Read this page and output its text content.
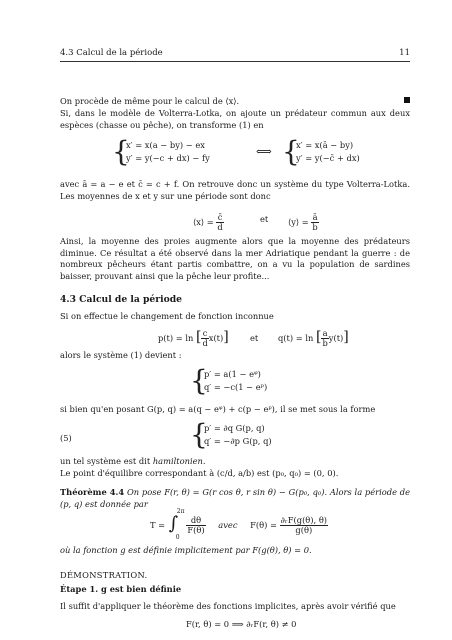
4.3 Calcul de la période	11
On procède de même pour le calcul de ⟨x⟩.
Si, dans le modèle de Volterra-Lotka, on ajoute un prédateur commun aux deux espèces (chasse ou pêche), on transforme (1) en
{
x′ = x(a − by) − ex
y′ = y(−c + dx) − fy	⟺ {
x′ = x(ā − by)
y′ = y(−c̄ + dx)
avec ā = a − e et c̄ = c + f. On retrouve donc un système du type Volterra-Lotka. Les moyennes de x et y sur une période sont donc
⟨x⟩ = $\frac{c̄}{d}$	et ⟨y⟩ = $\frac{ā}{b}$
Ainsi, la moyenne des proies augmente alors que la moyenne des prédateurs diminue. Ce résultat a été observé dans la mer Adriatique pendant la guerre : de nombreux pêcheurs étant partis combattre, on a vu la population de sardines baisser, prouvant ainsi que la pêche leur profite...
4.3 Calcul de la période
Si on effectue le changement de fonction inconnue
p(t) = ln [ $\frac{c}{d} x(t)$]	et q(t) = ln [ $\frac{a}{b} y(t)$]
alors le système (1) devient :
{
p′ = a(1 − eᵠ)
q′ = −c(1 − eᵖ)
si bien qu'en posant G(p, q) = a(q − eᵠ) + c(p − eᵖ), il se met sous la forme
(5)	{
p′ = ∂q G(p, q)
q′ = −∂p G(p, q)
un tel système est dit hamiltonien.
Le point d'équilibre correspondant à (c/d, a/b) est (p₀, q₀) = (0, 0).
Théorème 4.4 On pose F(r, θ) = G(r cos θ, r sin θ) − G(p₀, q₀). Alors la période de (p, q) est donnée par
T = ∫
2π
0

$\frac{d\theta}{F(\theta)}$ avec $F(\theta) = \frac{\text{∂ᵣF(g(θ), θ)}}{g(\theta)}$
où la fonction g est définie implicitement par F(g(θ), θ) = 0.
DÉMONSTRATION.
Étape 1. g est bien définie
Il suffit d'appliquer le théorème des fonctions implicites, après avoir vérifié que
F(r, θ) = 0 ⟹ ∂ᵣF(r, θ) ≠ 0
